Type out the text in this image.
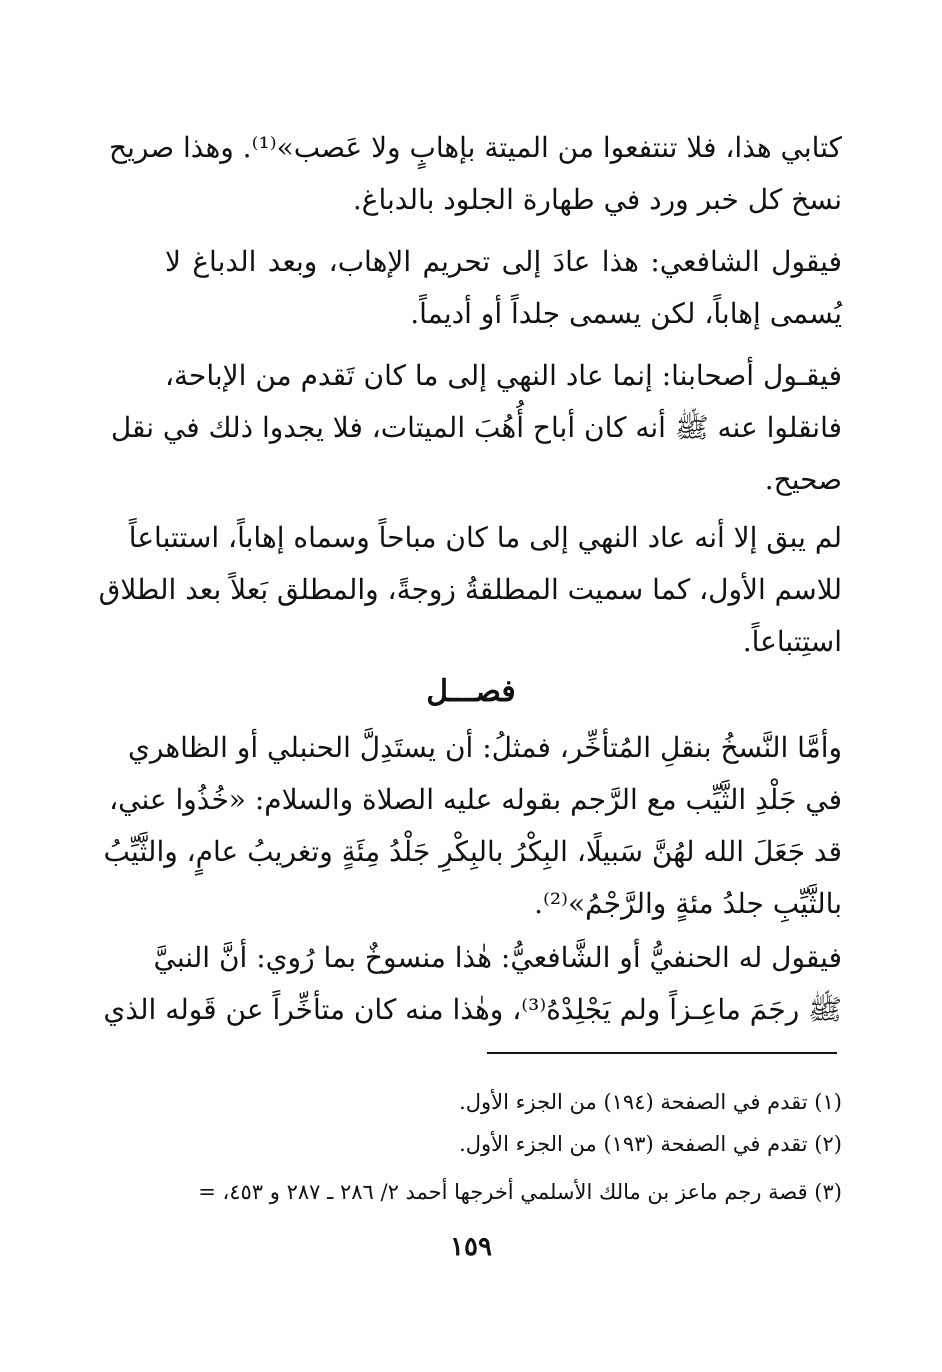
كتابي هذا، فلا تنتفعوا من الميتة بإهابٍ ولا عَصب»⁽¹⁾. وهذا صريح
نسخ كل خبر ورد في طهارة الجلود بالدباغ.
فيقول الشافعي: هذا عادَ إلى تحريم الإهاب، وبعد الدباغ لا
يُسمى إهاباً، لكن يسمى جلداً أو أديماً.
فيقـول أصحابنا: إنما عاد النهي إلى ما كان تَقدم من الإباحة،
فانقلوا عنه ﷺ أنه كان أباح أُهُبَ الميتات، فلا يجدوا ذلك في نقل
صحيح.
لم يبق إلا أنه عاد النهي إلى ما كان مباحاً وسماه إهاباً، استتباعاً
للاسم الأول، كما سميت المطلقةُ زوجةً، والمطلق بَعلاً بعد الطلاق
استِتباعاً.
فصـــل
وأمَّا النَّسخُ بنقلِ المُتأخِّر، فمثلُ: أن يستَدِلَّ الحنبلي أو الظاهري
في جَلْدِ الثَّيِّب مع الرَّجم بقوله عليه الصلاة والسلام: «خُذُوا عني،
قد جَعَلَ الله لهُنَّ سَبيلًا، البِكْرُ بالبِكْرِ جَلْدُ مِئَةٍ وتغريبُ عامٍ، والثَّيِّبُ
بالثَّيِّبِ جلدُ مئةٍ والرَّجْمُ»⁽²⁾.
فيقول له الحنفيُّ أو الشَّافعيُّ: هٰذا منسوخٌ بما رُوي: أنَّ النبيَّ
ﷺ رجَمَ ماعِـزاً ولم يَجْلِدْهُ⁽³⁾، وهٰذا منه كان متأخِّراً عن قَوله الذي
(١) تقدم في الصفحة (١٩٤) من الجزء الأول.
(٢) تقدم في الصفحة (١٩٣) من الجزء الأول.
(٣) قصة رجم ماعز بن مالك الأسلمي أخرجها أحمد ٢/ ٢٨٦ ـ ٢٨٧ و ٤٥٣، =
١٥٩
